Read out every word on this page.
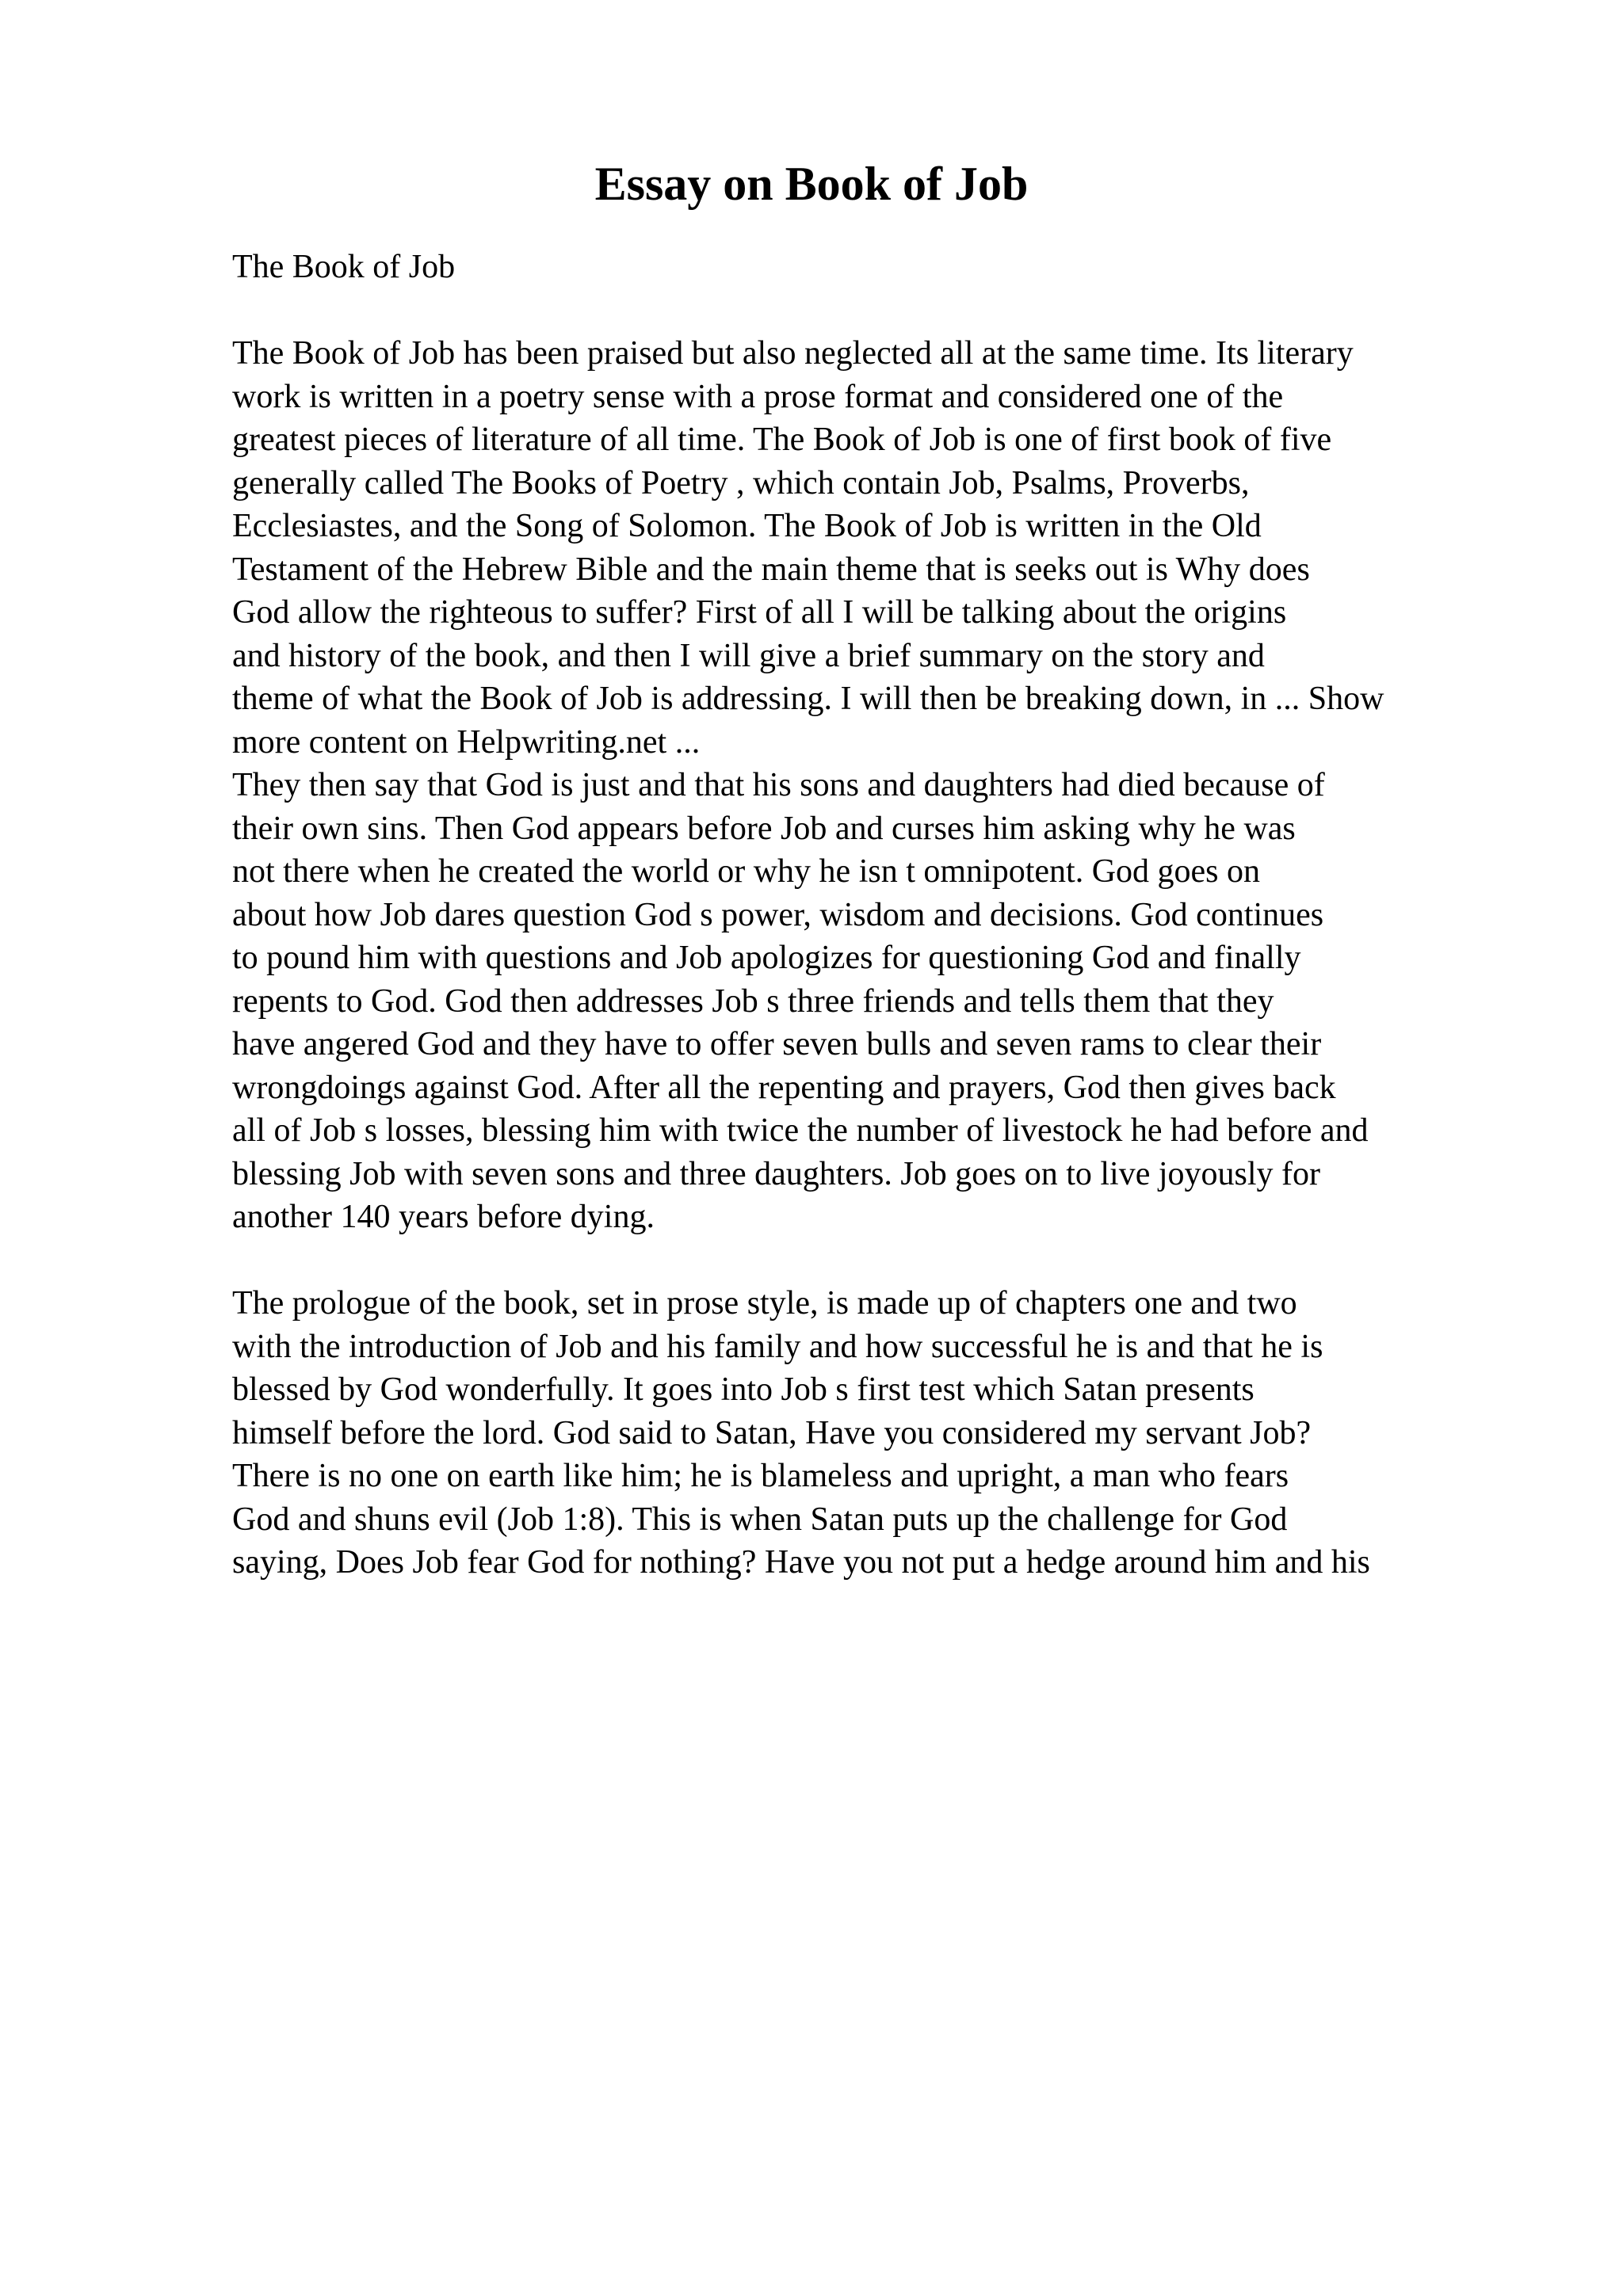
Essay on Book of Job
The Book of Job
The Book of Job has been praised but also neglected all at the same time. Its literary
work is written in a poetry sense with a prose format and considered one of the
greatest pieces of literature of all time. The Book of Job is one of first book of five
generally called The Books of Poetry , which contain Job, Psalms, Proverbs,
Ecclesiastes, and the Song of Solomon. The Book of Job is written in the Old
Testament of the Hebrew Bible and the main theme that is seeks out is Why does
God allow the righteous to suffer? First of all I will be talking about the origins
and history of the book, and then I will give a brief summary on the story and
theme of what the Book of Job is addressing. I will then be breaking down, in ... Show
more content on Helpwriting.net ...
They then say that God is just and that his sons and daughters had died because of
their own sins. Then God appears before Job and curses him asking why he was
not there when he created the world or why he isn t omnipotent. God goes on
about how Job dares question God s power, wisdom and decisions. God continues
to pound him with questions and Job apologizes for questioning God and finally
repents to God. God then addresses Job s three friends and tells them that they
have angered God and they have to offer seven bulls and seven rams to clear their
wrongdoings against God. After all the repenting and prayers, God then gives back
all of Job s losses, blessing him with twice the number of livestock he had before and
blessing Job with seven sons and three daughters. Job goes on to live joyously for
another 140 years before dying.
The prologue of the book, set in prose style, is made up of chapters one and two
with the introduction of Job and his family and how successful he is and that he is
blessed by God wonderfully. It goes into Job s first test which Satan presents
himself before the lord. God said to Satan, Have you considered my servant Job?
There is no one on earth like him; he is blameless and upright, a man who fears
God and shuns evil (Job 1:8). This is when Satan puts up the challenge for God
saying, Does Job fear God for nothing? Have you not put a hedge around him and his
